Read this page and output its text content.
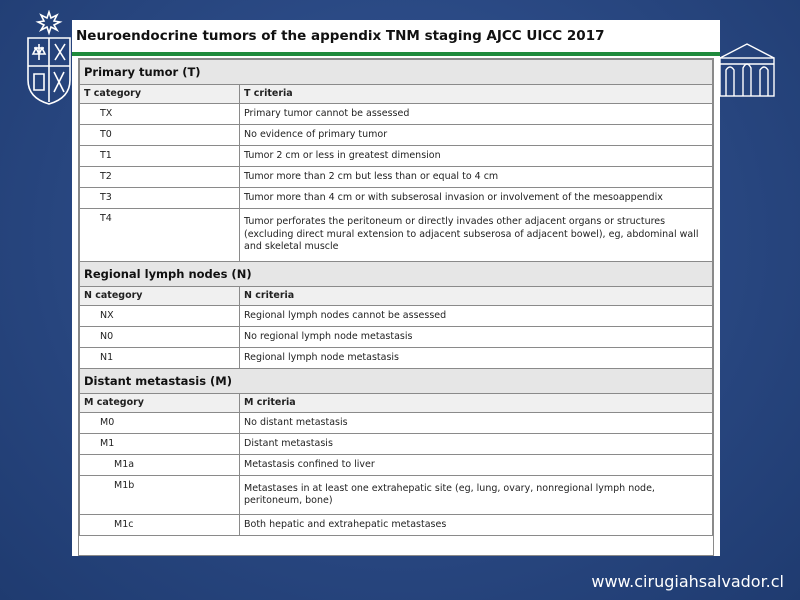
Neuroendocrine tumors of the appendix TNM staging AJCC UICC 2017
Primary tumor (T)	
T category	T criteria
TX	Primary tumor cannot be assessed
T0	No evidence of primary tumor
T1	Tumor 2 cm or less in greatest dimension
T2	Tumor more than 2 cm but less than or equal to 4 cm
T3	Tumor more than 4 cm or with subserosal invasion or involvement of the mesoappendix
T4	Tumor perforates the peritoneum or directly invades other adjacent organs or structures (excluding direct mural extension to adjacent subserosa of adjacent bowel), eg, abdominal wall and skeletal muscle
Regional lymph nodes (N)	
N category	N criteria
NX	Regional lymph nodes cannot be assessed
N0	No regional lymph node metastasis
N1	Regional lymph node metastasis
Distant metastasis (M)	
M category	M criteria
M0	No distant metastasis
M1	Distant metastasis
M1a	Metastasis confined to liver
M1b	Metastases in at least one extrahepatic site (eg, lung, ovary, nonregional lymph node, peritoneum, bone)
M1c	Both hepatic and extrahepatic metastases
www.cirugiahsalvador.cl
